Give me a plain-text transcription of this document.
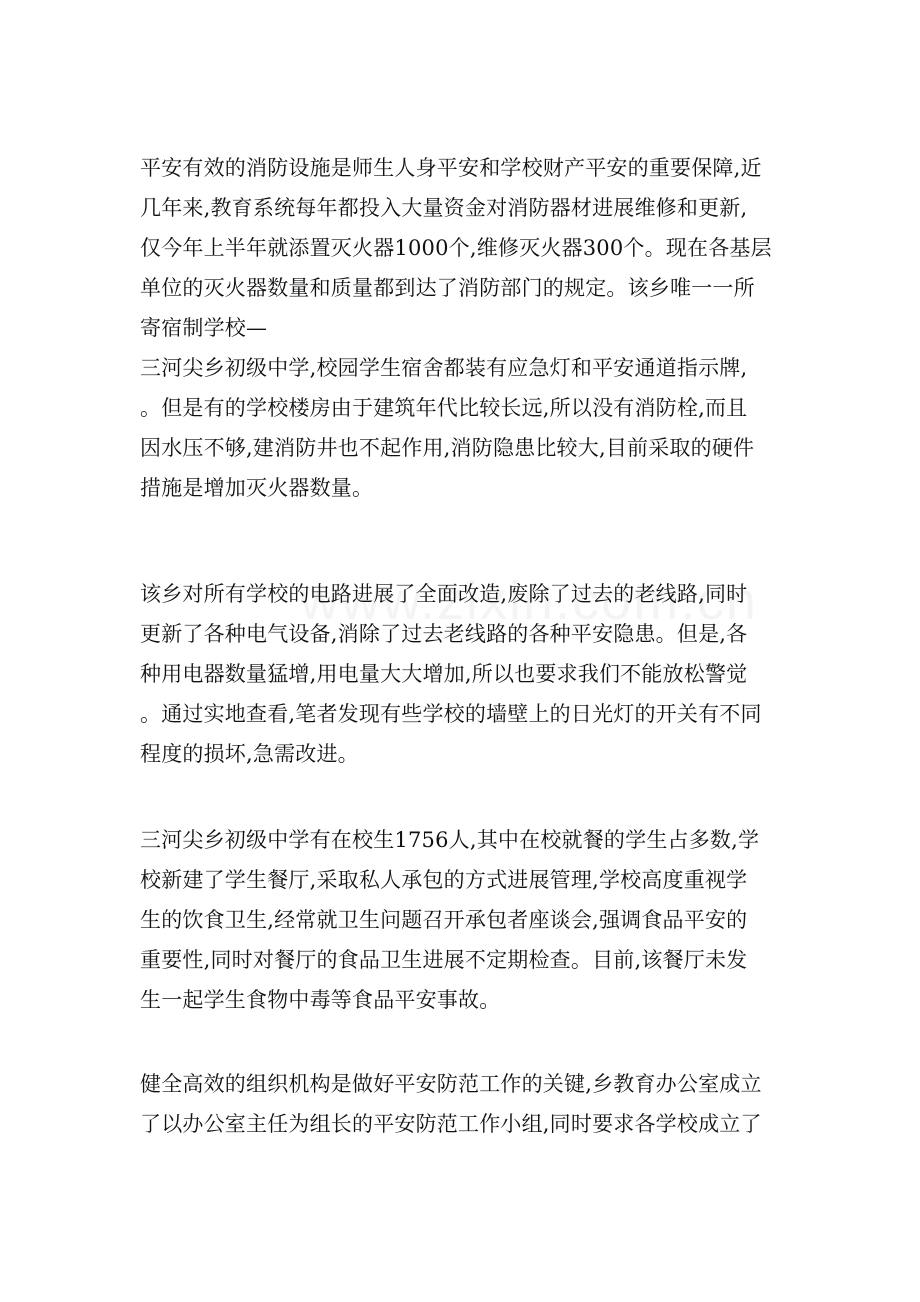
平安有效的消防设施是师生人身平安和学校财产平安的重要保障,近
几年来,教育系统每年都投入大量资金对消防器材进展维修和更新,
仅今年上半年就添置灭火器1000个,维修灭火器300个。现在各基层
单位的灭火器数量和质量都到达了消防部门的规定。该乡唯一一所
寄宿制学校—
三河尖乡初级中学,校园学生宿舍都装有应急灯和平安通道指示牌,
。但是有的学校楼房由于建筑年代比较长远,所以没有消防栓,而且
因水压不够,建消防井也不起作用,消防隐患比较大,目前采取的硬件
措施是增加灭火器数量。
该乡对所有学校的电路进展了全面改造,废除了过去的老线路,同时
更新了各种电气设备,消除了过去老线路的各种平安隐患。但是,各
种用电器数量猛增,用电量大大增加,所以也要求我们不能放松警觉
。通过实地查看,笔者发现有些学校的墙壁上的日光灯的开关有不同
程度的损坏,急需改进。
三河尖乡初级中学有在校生1756人,其中在校就餐的学生占多数,学
校新建了学生餐厅,采取私人承包的方式进展管理,学校高度重视学
生的饮食卫生,经常就卫生问题召开承包者座谈会,强调食品平安的
重要性,同时对餐厅的食品卫生进展不定期检查。目前,该餐厅未发
生一起学生食物中毒等食品平安事故。
健全高效的组织机构是做好平安防范工作的关键,乡教育办公室成立
了以办公室主任为组长的平安防范工作小组,同时要求各学校成立了
